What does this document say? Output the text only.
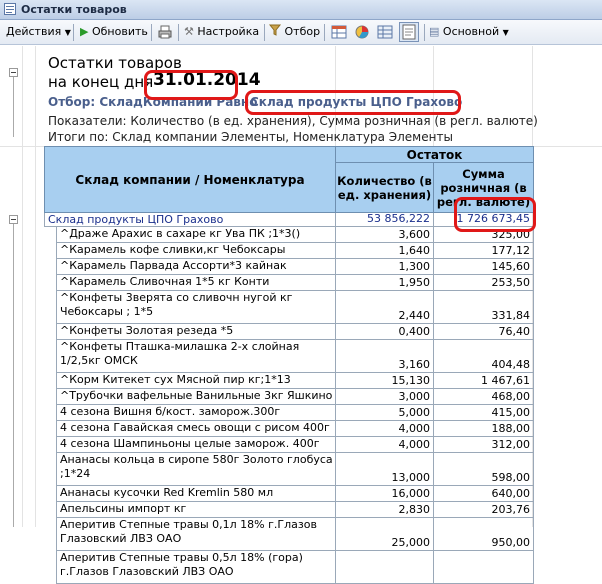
Остатки товаров
Действия ▼ ▶ Обновить	⚒ Настройка	Отбор	▤ Основной ▼
Остатки товаров
на конец дня 31.01.2014
Отбор: СкладКомпании Равно
Склад продукты ЦПО Грахово
Показатели: Количество (в ед. хранения), Сумма розничная (в регл. валюте)
Итоги по: Склад компании Элементы, Номенклатура Элементы
Склад компании / Номенклатура
Остаток
Количество (в ед. хранения)
Сумма розничная (в регл. валюте)
Склад продукты ЦПО Грахово	53 856,222	1 726 673,45
^Драже Арахис в сахаре кг Ува ПК ;1*3()	3,600	325,00
^Карамель кофе сливки,кг Чебоксары	1,640	177,12
^Карамель Парвада Ассорти*3 кайнак	1,300	145,60
^Карамель Сливочная 1*5 кг Конти	1,950	253,50
^Конфеты 3верята со сливочн нугой кг Чебоксары ; 1*5	2,440	331,84
^Конфеты Золотая резеда *5	0,400	76,40
^Конфеты Пташка-милашка 2-х слойная 1/2,5кг ОМСК	3,160	404,48
^Корм Китекет сух Мясной пир кг;1*13	15,130	1 467,61
^Трубочки вафельные Ванильные 3кг Яшкино	3,000	468,00
4 сезона Вишня б/кост. заморож.300г	5,000	415,00
4 сезона Гавайская смесь овощи с рисом 400г	4,000	188,00
4 сезона Шампиньоны целые заморож. 400г	4,000	312,00
Ананасы кольца в сиропе 580г Золото глобуса ;1*24	13,000	598,00
Ананасы кусочки Red Kremlin 580 мл	16,000	640,00
Апельсины импорт кг	2,830	203,76
Аперитив Степные травы 0,1л 18% г.Глазов Глазовский ЛВЗ ОАО	25,000	950,00
Аперитив Степные травы 0,5л 18% (гора) г.Глазов Глазовский ЛВЗ ОАО
